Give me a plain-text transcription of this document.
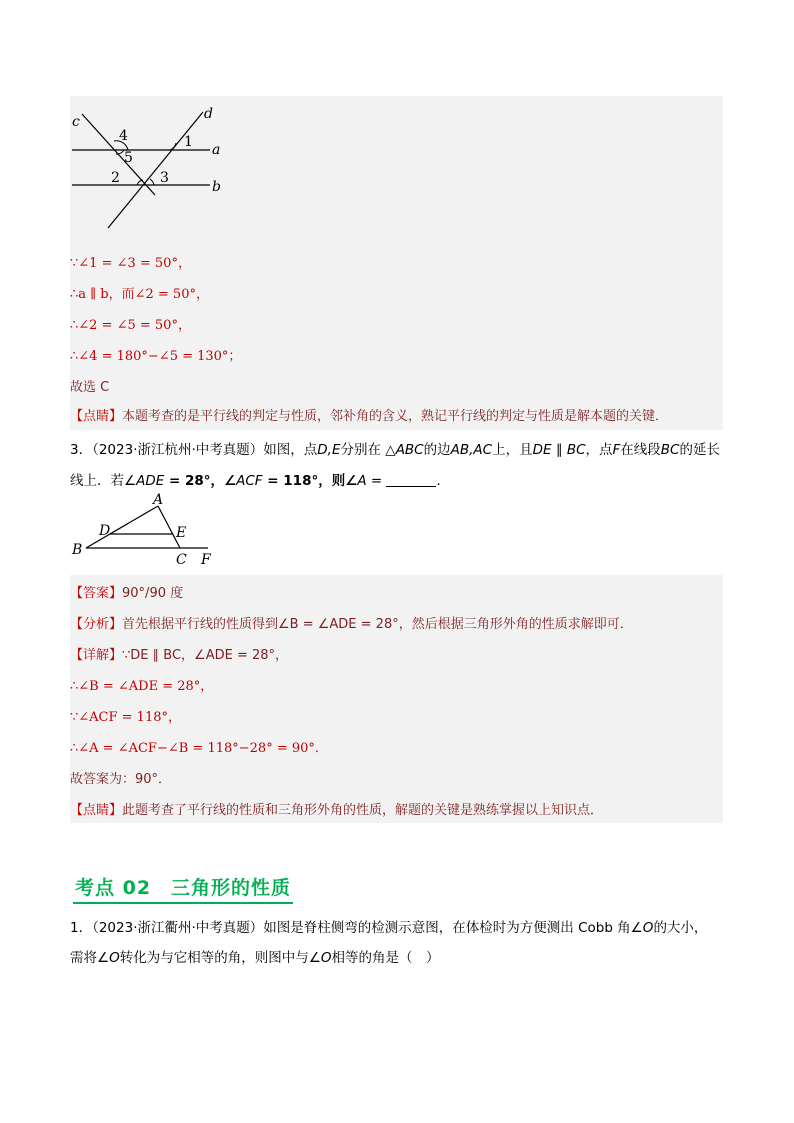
c	d
a
b
4
5
1
2	3
∵∠1 = ∠3 = 50°，
∴a ∥ b，而∠2 = 50°，
∴∠2 = ∠5 = 50°，
∴∠4 = 180°−∠5 = 130°；
故选 C
【点睛】本题考查的是平行线的判定与性质，邻补角的含义，熟记平行线的判定与性质是解本题的关键．
3．（2023·浙江杭州·中考真题）如图，点D,E分别在 △ABC的边AB,AC上，且DE ∥ BC，点F在线段BC的延长
线上．若∠ADE = 28°，∠ACF = 118°，则∠A =	．
A
D	E
B
C F
【答案】90°/90 度
【分析】首先根据平行线的性质得到∠B = ∠ADE = 28°，然后根据三角形外角的性质求解即可．
【详解】∵DE ∥ BC，∠ADE = 28°，
∴∠B = ∠ADE = 28°，
∵∠ACF = 118°，
∴∠A = ∠ACF−∠B = 118°−28° = 90°．
故答案为：90°．
【点睛】此题考查了平行线的性质和三角形外角的性质，解题的关键是熟练掌握以上知识点．
考点 02　三角形的性质
1．（2023·浙江衢州·中考真题）如图是脊柱侧弯的检测示意图，在体检时为方便测出 Cobb 角∠O的大小，
需将∠O转化为与它相等的角，则图中与∠O相等的角是（　）
